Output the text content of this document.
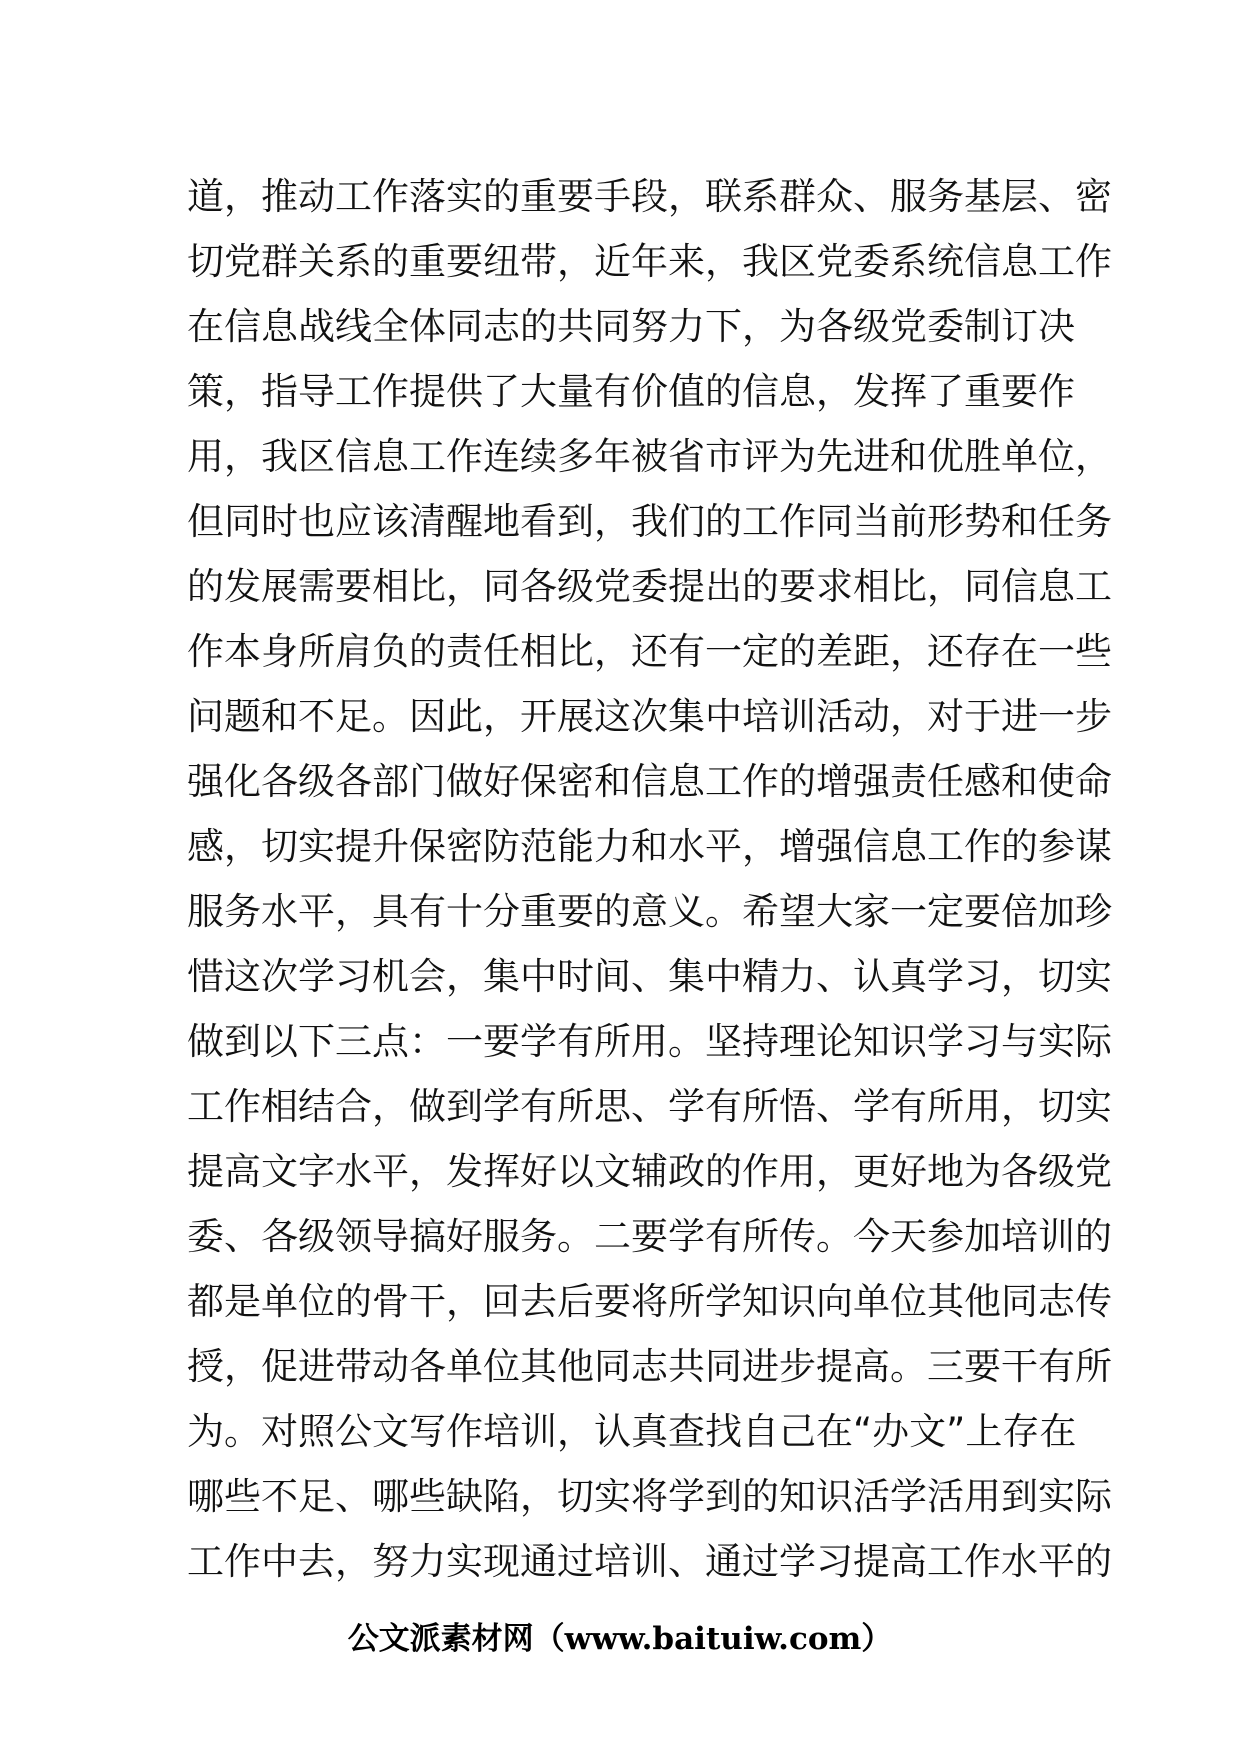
道，推动工作落实的重要手段，联系群众、服务基层、密
切党群关系的重要纽带，近年来，我区党委系统信息工作
在信息战线全体同志的共同努力下，为各级党委制订决
策，指导工作提供了大量有价值的信息，发挥了重要作
用，我区信息工作连续多年被省市评为先进和优胜单位，
但同时也应该清醒地看到，我们的工作同当前形势和任务
的发展需要相比，同各级党委提出的要求相比，同信息工
作本身所肩负的责任相比，还有一定的差距，还存在一些
问题和不足。因此，开展这次集中培训活动，对于进一步
强化各级各部门做好保密和信息工作的增强责任感和使命
感，切实提升保密防范能力和水平，增强信息工作的参谋
服务水平，具有十分重要的意义。希望大家一定要倍加珍
惜这次学习机会，集中时间、集中精力、认真学习，切实
做到以下三点：一要学有所用。坚持理论知识学习与实际
工作相结合，做到学有所思、学有所悟、学有所用，切实
提高文字水平，发挥好以文辅政的作用，更好地为各级党
委、各级领导搞好服务。二要学有所传。今天参加培训的
都是单位的骨干，回去后要将所学知识向单位其他同志传
授，促进带动各单位其他同志共同进步提高。三要干有所
为。对照公文写作培训，认真查找自己在“办文”上存在
哪些不足、哪些缺陷，切实将学到的知识活学活用到实际
工作中去，努力实现通过培训、通过学习提高工作水平的
公文派素材网（www.baituiw.com）
